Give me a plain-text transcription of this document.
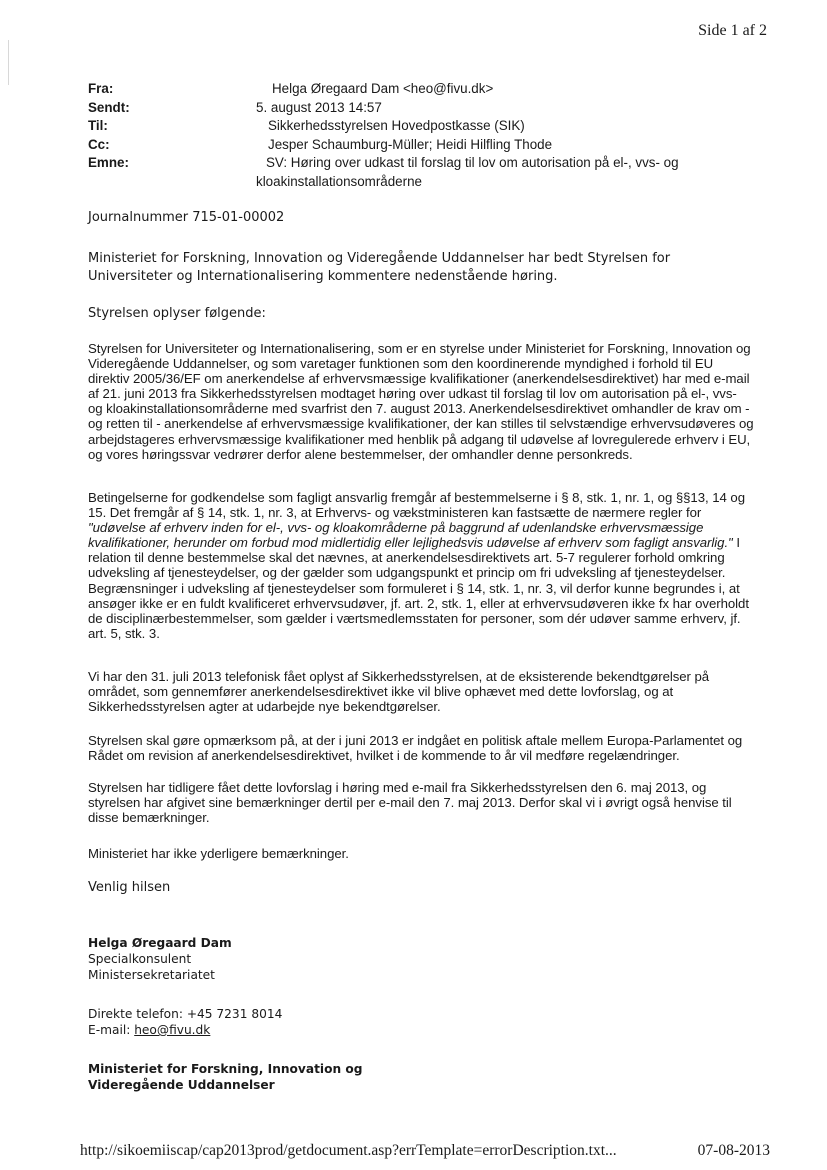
Side 1 af 2
Fra:	Helga Øregaard Dam <heo@fivu.dk>
Sendt:	5. august 2013 14:57
Til:	Sikkerhedsstyrelsen Hovedpostkasse (SIK)
Cc:	Jesper Schaumburg-Müller; Heidi Hilfling Thode
Emne:	SV: Høring over udkast til forslag til lov om autorisation på el-, vvs- og
kloakinstallationsområderne

Journalnummer 715-01-00002

Ministeriet for Forskning, Innovation og Videregående Uddannelser har bedt Styrelsen for Universiteter og Internationalisering kommentere nedenstående høring.

Styrelsen oplyser følgende:

Styrelsen for Universiteter og Internationalisering, som er en styrelse under Ministeriet for Forskning, Innovation og Videregående Uddannelser, og som varetager funktionen som den koordinerende myndighed i forhold til EU direktiv 2005/36/EF om anerkendelse af erhvervsmæssige kvalifikationer (anerkendelsesdirektivet) har med e-mail af 21. juni 2013 fra Sikkerhedsstyrelsen modtaget høring over udkast til forslag til lov om autorisation på el-, vvs- og kloakinstallationsområderne med svarfrist den 7. august 2013. Anerkendelsesdirektivet omhandler de krav om - og retten til - anerkendelse af erhvervsmæssige kvalifikationer, der kan stilles til selvstændige erhvervsudøveres og arbejdstageres erhvervsmæssige kvalifikationer med henblik på adgang til udøvelse af lovregulerede erhverv i EU, og vores høringssvar vedrører derfor alene bestemmelser, der omhandler denne personkreds.

Betingelserne for godkendelse som fagligt ansvarlig fremgår af bestemmelserne i § 8, stk. 1, nr. 1, og §§13, 14 og 15. Det fremgår af § 14, stk. 1, nr. 3, at Erhvervs- og vækstministeren kan fastsætte de nærmere regler for "udøvelse af erhverv inden for el-, vvs- og kloakområderne på baggrund af udenlandske erhvervsmæssige kvalifikationer, herunder om forbud mod midlertidig eller lejlighedsvis udøvelse af erhverv som fagligt ansvarlig." I relation til denne bestemmelse skal det nævnes, at anerkendelsesdirektivets art. 5-7 regulerer forhold omkring udveksling af tjenesteydelser, og der gælder som udgangspunkt et princip om fri udveksling af tjenesteydelser. Begrænsninger i udveksling af tjenesteydelser som formuleret i § 14, stk. 1, nr. 3, vil derfor kunne begrundes i, at ansøger ikke er en fuldt kvalificeret erhvervsudøver, jf. art. 2, stk. 1, eller at erhvervsudøveren ikke fx har overholdt de disciplinærbestemmelser, som gælder i værtsmedlemsstaten for personer, som dér udøver samme erhverv, jf. art. 5, stk. 3.

Vi har den 31. juli 2013 telefonisk fået oplyst af Sikkerhedsstyrelsen, at de eksisterende bekendtgørelser på området, som gennemfører anerkendelsesdirektivet ikke vil blive ophævet med dette lovforslag, og at Sikkerhedsstyrelsen agter at udarbejde nye bekendtgørelser.

Styrelsen skal gøre opmærksom på, at der i juni 2013 er indgået en politisk aftale mellem Europa-Parlamentet og Rådet om revision af anerkendelsesdirektivet, hvilket i de kommende to år vil medføre regelændringer.

Styrelsen har tidligere fået dette lovforslag i høring med e-mail fra Sikkerhedsstyrelsen den 6. maj 2013, og styrelsen har afgivet sine bemærkninger dertil per e-mail den 7. maj 2013. Derfor skal vi i øvrigt også henvise til disse bemærkninger.

Ministeriet har ikke yderligere bemærkninger.

Venlig hilsen

Helga Øregaard Dam
Specialkonsulent
Ministersekretariatet
Direkte telefon: +45 7231 8014
E-mail: heo@fivu.dk
Ministeriet for Forskning, Innovation og
Videregående Uddannelser
http://sikoemiiscap/cap2013prod/getdocument.asp?errTemplate=errorDescription.txt...	07-08-2013
